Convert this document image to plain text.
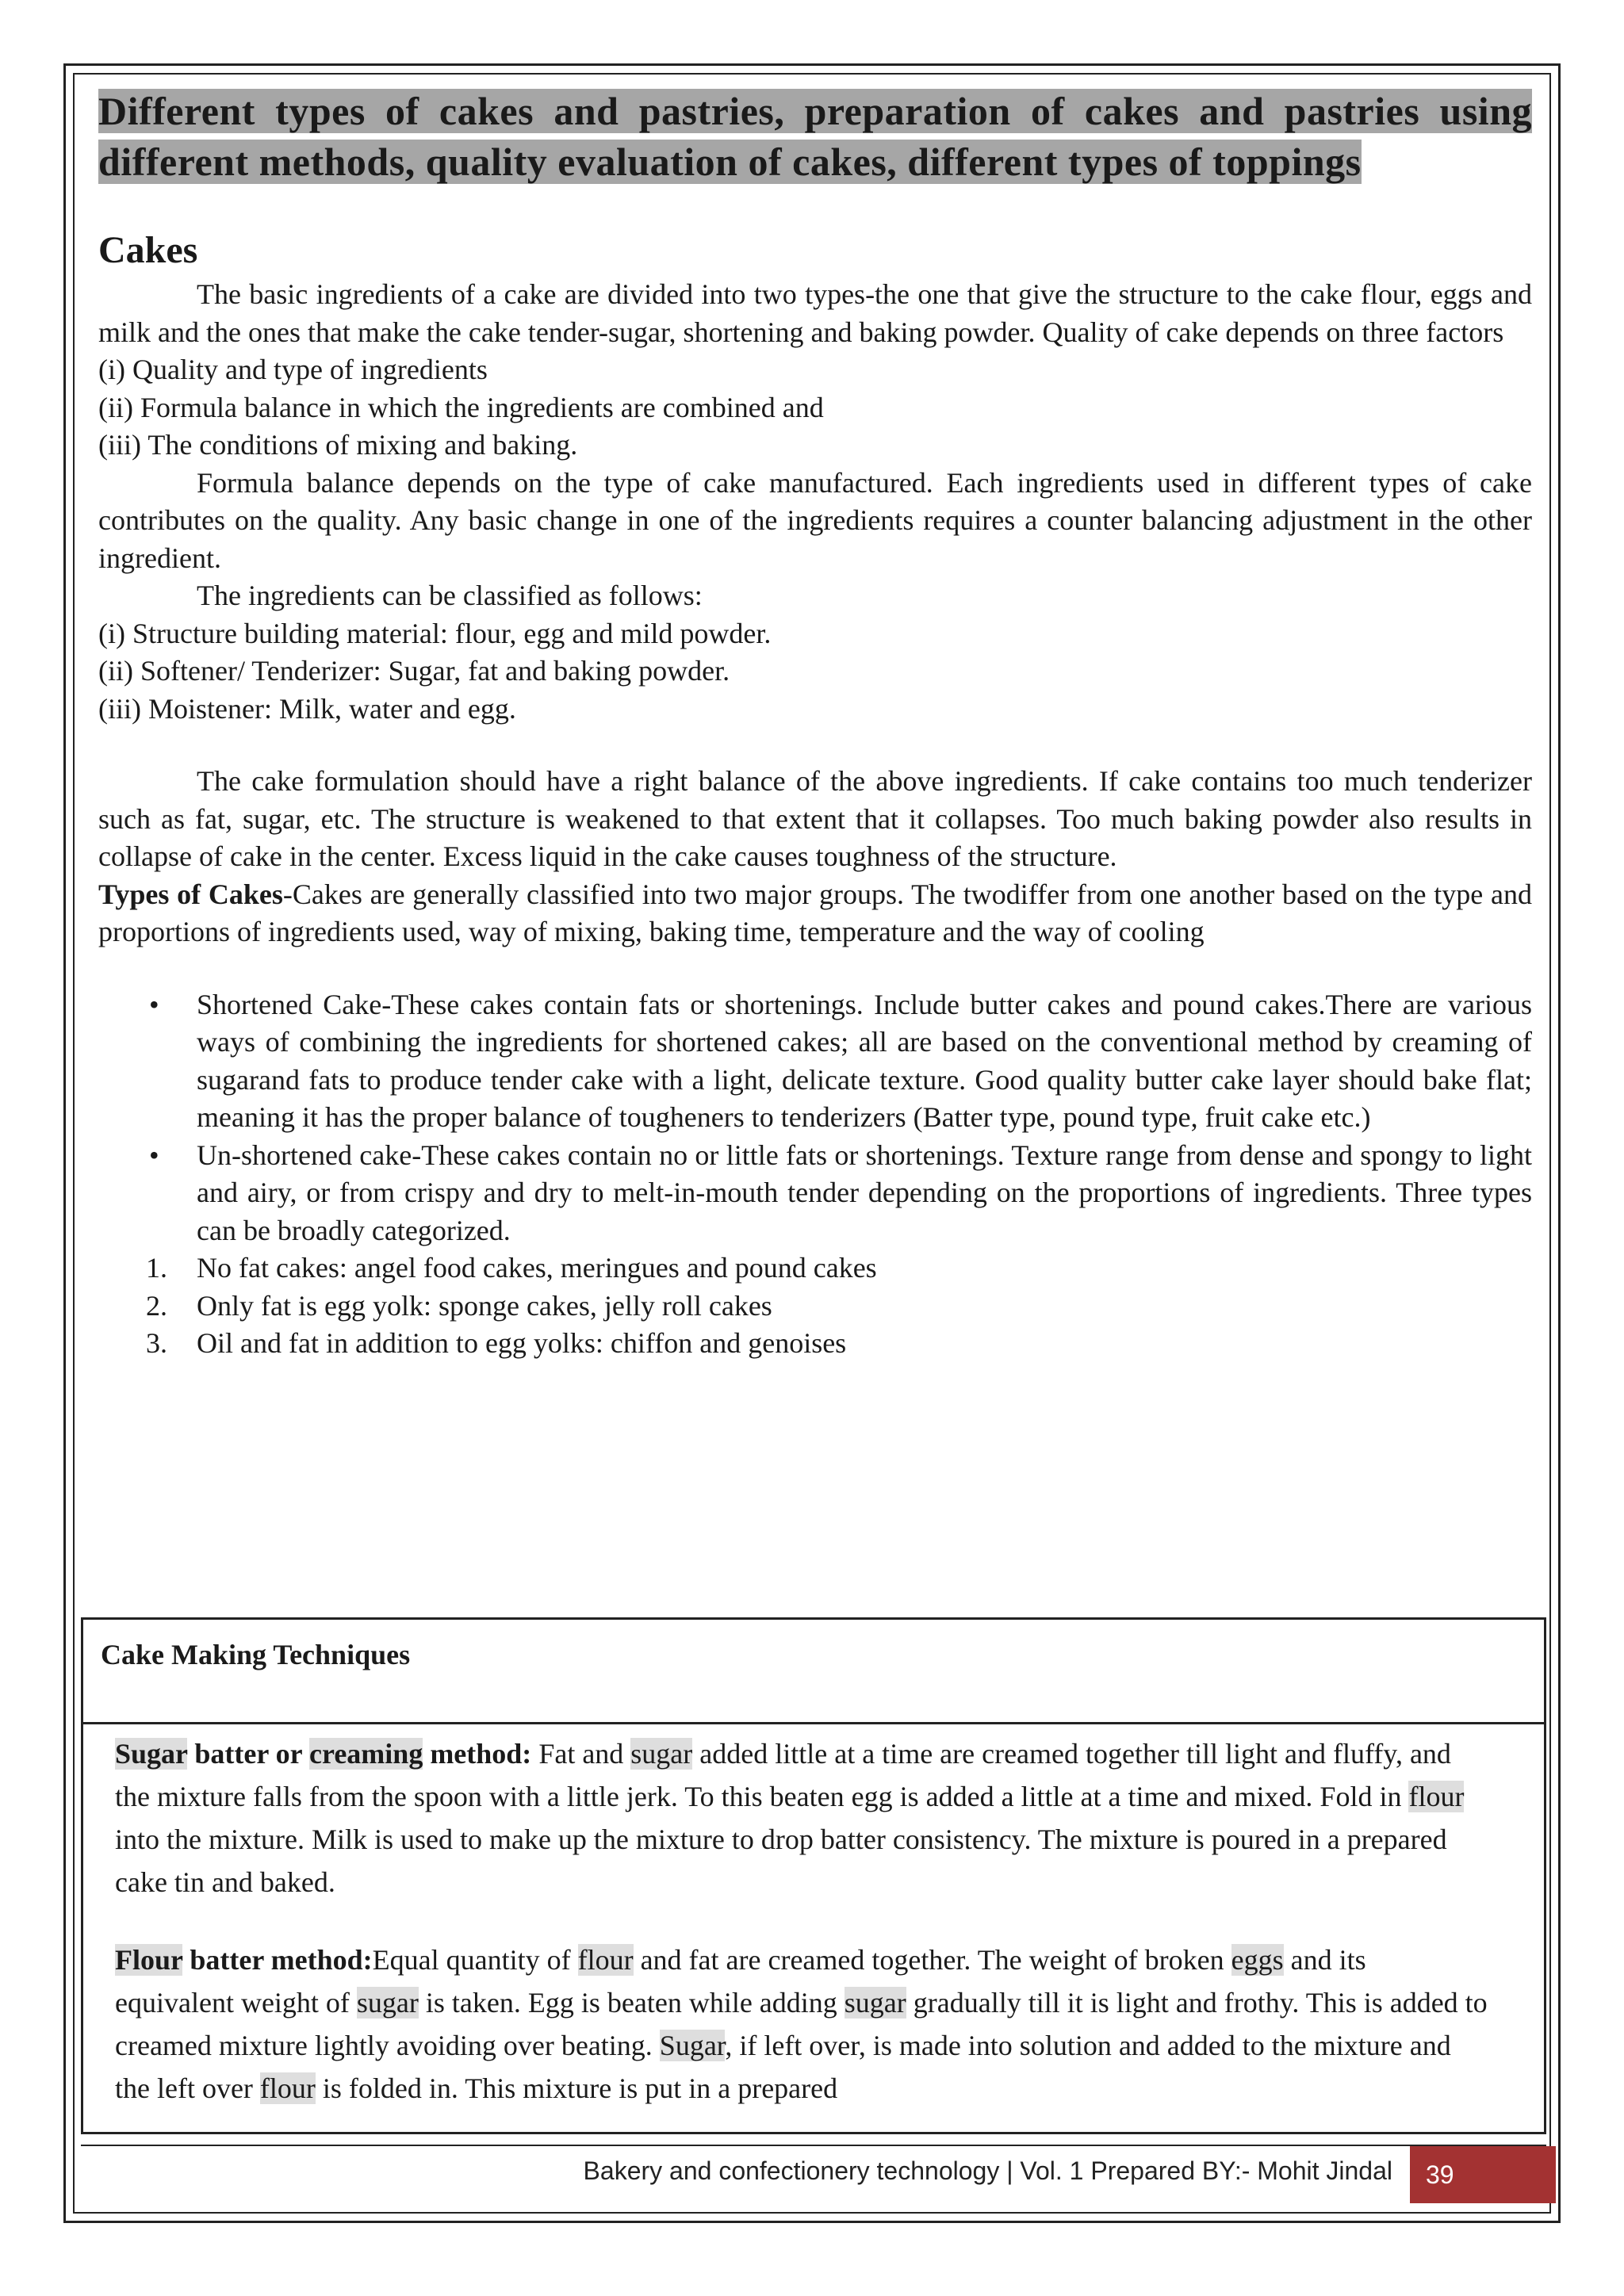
Different types of cakes and pastries, preparation of cakes and pastries using different methods, quality evaluation of cakes, different types of toppings
Cakes

The basic ingredients of a cake are divided into two types-the one that give the structure to the cake flour, eggs and milk and the ones that make the cake tender-sugar, shortening and baking powder. Quality of cake depends on three factors

(i) Quality and type of ingredients

(ii) Formula balance in which the ingredients are combined and

(iii) The conditions of mixing and baking.

Formula balance depends on the type of cake manufactured. Each ingredients used in different types of cake contributes on the quality. Any basic change in one of the ingredients requires a counter balancing adjustment in the other ingredient.

The ingredients can be classified as follows:

(i) Structure building material: flour, egg and mild powder.

(ii) Softener/ Tenderizer: Sugar, fat and baking powder.

(iii) Moistener: Milk, water and egg.

The cake formulation should have a right balance of the above ingredients. If cake contains too much tenderizer such as fat, sugar, etc. The structure is weakened to that extent that it collapses. Too much baking powder also results in collapse of cake in the center. Excess liquid in the cake causes toughness of the structure.

Types of Cakes-Cakes are generally classified into two major groups. The twodiffer from one another based on the type and proportions of ingredients used, way of mixing, baking time, temperature and the way of cooling

• Shortened Cake-These cakes contain fats or shortenings. Include butter cakes and pound cakes.There are various ways of combining the ingredients for shortened cakes; all are based on the conventional method by creaming of sugarand fats to produce tender cake with a light, delicate texture. Good quality butter cake layer should bake flat; meaning it has the proper balance of tougheners to tenderizers (Batter type, pound type, fruit cake etc.)
• Un-shortened cake-These cakes contain no or little fats or shortenings. Texture range from dense and spongy to light and airy, or from crispy and dry to melt-in-mouth tender depending on the proportions of ingredients. Three types can be broadly categorized.
1. No fat cakes: angel food cakes, meringues and pound cakes
2. Only fat is egg yolk: sponge cakes, jelly roll cakes
3. Oil and fat in addition to egg yolks: chiffon and genoises
Cake Making Techniques

Sugar batter or creaming method: Fat and sugar added little at a time are creamed together till light and fluffy, and the mixture falls from the spoon with a little jerk. To this beaten egg is added a little at a time and mixed. Fold in flour into the mixture. Milk is used to make up the mixture to drop batter consistency. The mixture is poured in a prepared cake tin and baked.

Flour batter method:Equal quantity of flour and fat are creamed together. The weight of broken eggs and its equivalent weight of sugar is taken. Egg is beaten while adding sugar gradually till it is light and frothy. This is added to creamed mixture lightly avoiding over beating. Sugar, if left over, is made into solution and added to the mixture and the left over flour is folded in. This mixture is put in a prepared

Bakery and confectionery technology | Vol. 1 Prepared BY:- Mohit Jindal	39
